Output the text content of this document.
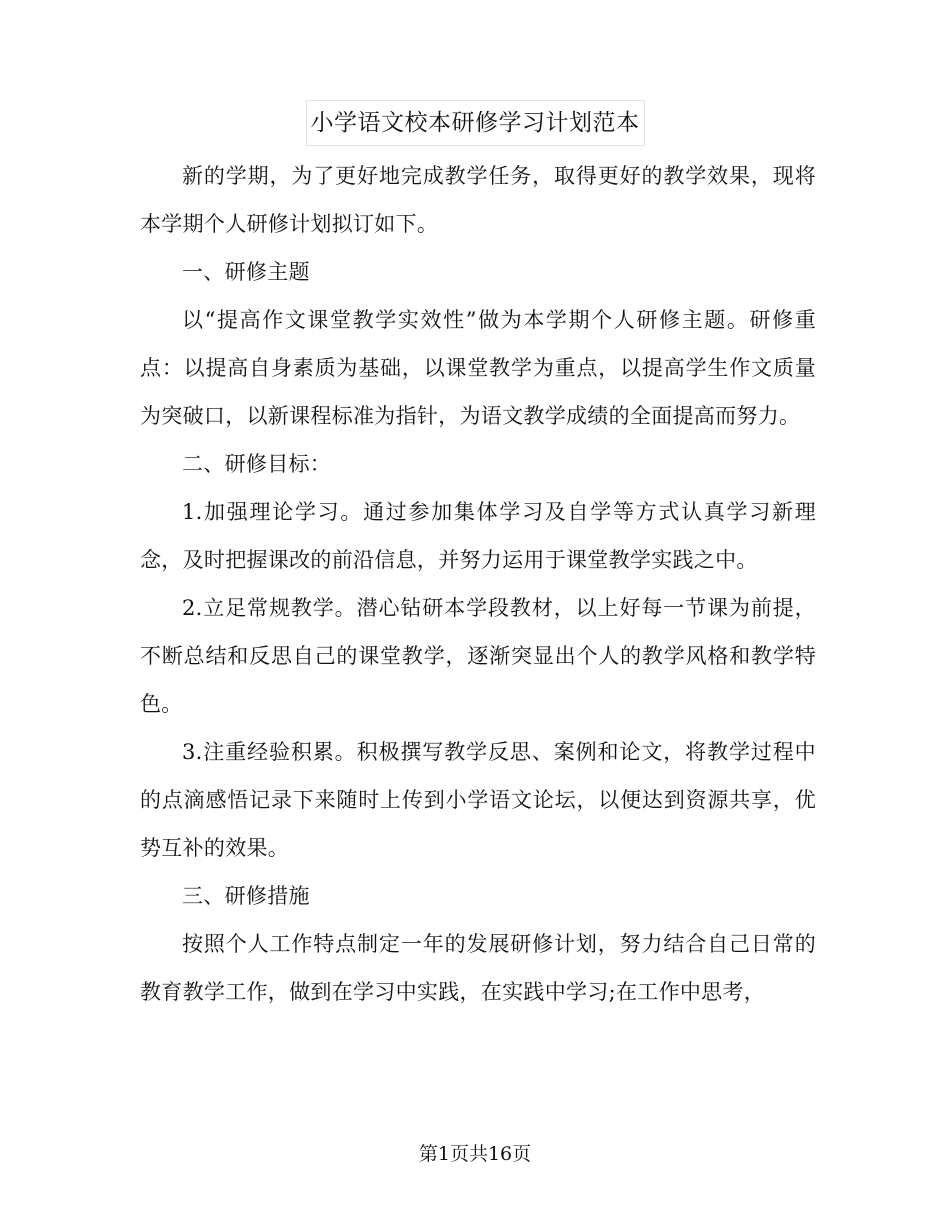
小学语文校本研修学习计划范本

新的学期，为了更好地完成教学任务，取得更好的教学效果，现将本学期个人研修计划拟订如下。

一、研修主题

以“提高作文课堂教学实效性”做为本学期个人研修主题。研修重点：以提高自身素质为基础，以课堂教学为重点，以提高学生作文质量为突破口，以新课程标准为指针，为语文教学成绩的全面提高而努力。

二、研修目标：

1.加强理论学习。通过参加集体学习及自学等方式认真学习新理念，及时把握课改的前沿信息，并努力运用于课堂教学实践之中。

2.立足常规教学。潜心钻研本学段教材，以上好每一节课为前提，不断总结和反思自己的课堂教学，逐渐突显出个人的教学风格和教学特色。

3.注重经验积累。积极撰写教学反思、案例和论文，将教学过程中的点滴感悟记录下来随时上传到小学语文论坛，以便达到资源共享，优势互补的效果。

三、研修措施

按照个人工作特点制定一年的发展研修计划，努力结合自己日常的教育教学工作，做到在学习中实践，在实践中学习;在工作中思考，

第1页共16页
